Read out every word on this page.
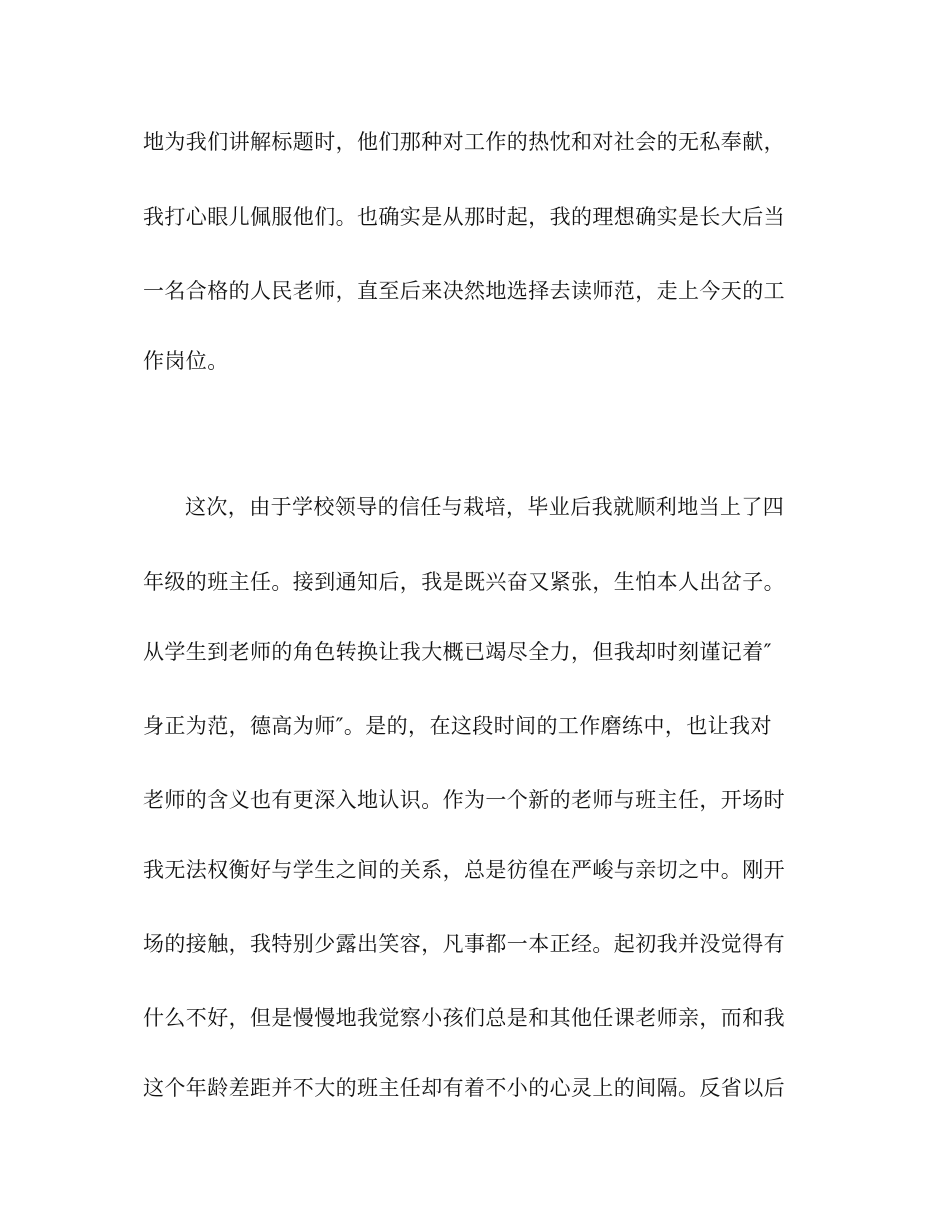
地为我们讲解标题时，他们那种对工作的热忱和对社会的无私奉献，
我打心眼儿佩服他们。也确实是从那时起，我的理想确实是长大后当
一名合格的人民老师，直至后来决然地选择去读师范，走上今天的工
作岗位。
这次，由于学校领导的信任与栽培，毕业后我就顺利地当上了四
年级的班主任。接到通知后，我是既兴奋又紧张，生怕本人出岔子。
从学生到老师的角色转换让我大概已竭尽全力，但我却时刻谨记着″
身正为范，德高为师″。是的，在这段时间的工作磨练中，也让我对
老师的含义也有更深入地认识。作为一个新的老师与班主任，开场时
我无法权衡好与学生之间的关系，总是彷徨在严峻与亲切之中。刚开
场的接触，我特别少露出笑容，凡事都一本正经。起初我并没觉得有
什么不好，但是慢慢地我觉察小孩们总是和其他任课老师亲，而和我
这个年龄差距并不大的班主任却有着不小的心灵上的间隔。反省以后
